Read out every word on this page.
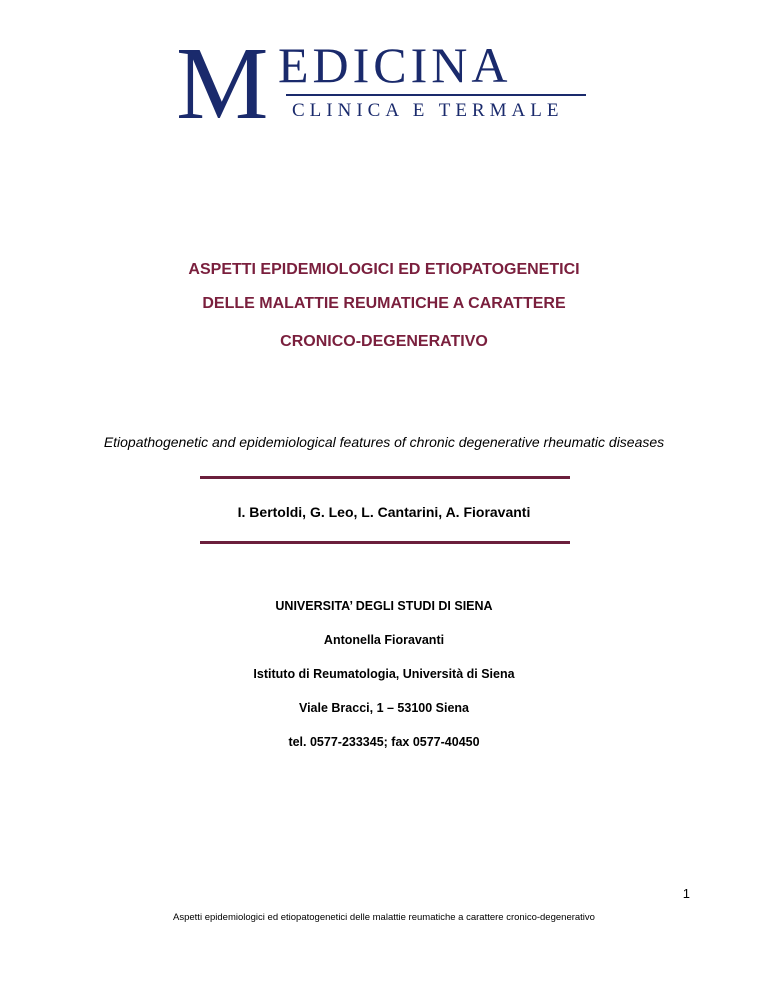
M EDICINA
CLINICA E TERMALE
ASPETTI EPIDEMIOLOGICI ED ETIOPATOGENETICI
DELLE MALATTIE REUMATICHE A CARATTERE
CRONICO-DEGENERATIVO
Etiopathogenetic and epidemiological features of chronic degenerative rheumatic diseases
I. Bertoldi, G. Leo, L. Cantarini, A. Fioravanti
UNIVERSITA’ DEGLI STUDI DI SIENA
Antonella Fioravanti
Istituto di Reumatologia, Università di Siena
Viale Bracci, 1 – 53100 Siena
tel. 0577-233345; fax 0577-40450
1
Aspetti epidemiologici ed etiopatogenetici delle malattie reumatiche a carattere cronico-degenerativo
